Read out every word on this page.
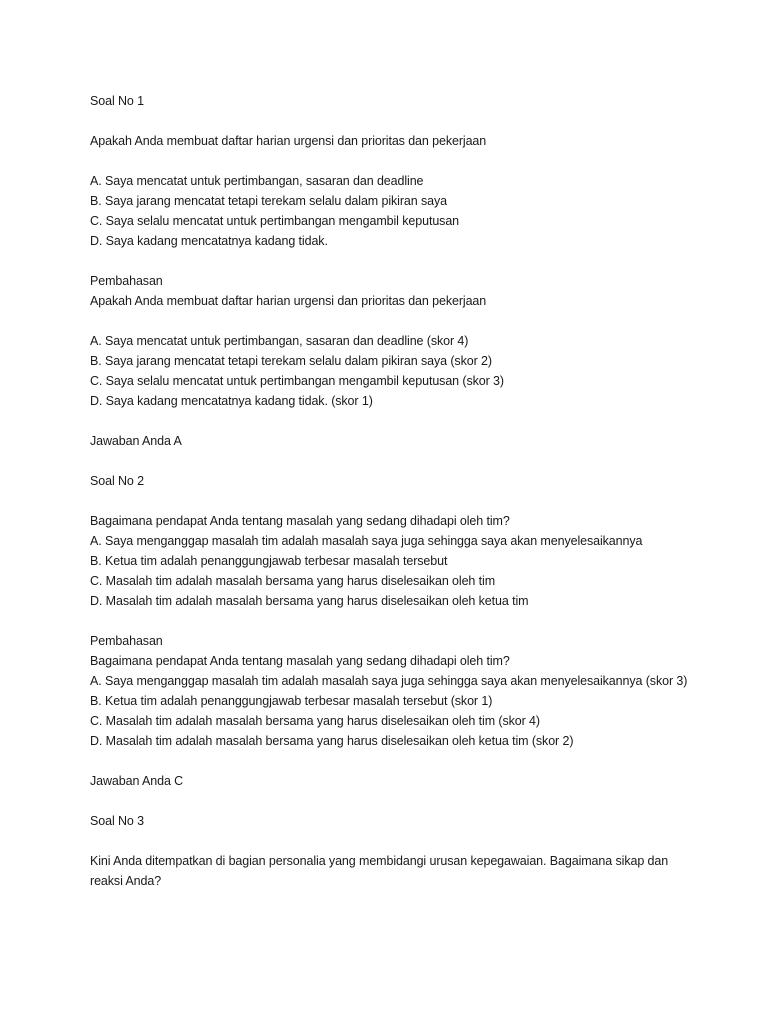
Soal No 1
Apakah Anda membuat daftar harian urgensi dan prioritas dan pekerjaan
A. Saya mencatat untuk pertimbangan, sasaran dan deadline
B. Saya jarang mencatat tetapi terekam selalu dalam pikiran saya
C. Saya selalu mencatat untuk pertimbangan mengambil keputusan
D. Saya kadang mencatatnya kadang tidak.
Pembahasan
Apakah Anda membuat daftar harian urgensi dan prioritas dan pekerjaan
A. Saya mencatat untuk pertimbangan, sasaran dan deadline (skor 4)
B. Saya jarang mencatat tetapi terekam selalu dalam pikiran saya (skor 2)
C. Saya selalu mencatat untuk pertimbangan mengambil keputusan (skor 3)
D. Saya kadang mencatatnya kadang tidak. (skor 1)
Jawaban Anda A
Soal No 2
Bagaimana pendapat Anda tentang masalah yang sedang dihadapi oleh tim?
A. Saya menganggap masalah tim adalah masalah saya juga sehingga saya akan menyelesaikannya
B. Ketua tim adalah penanggungjawab terbesar masalah tersebut
C. Masalah tim adalah masalah bersama yang harus diselesaikan oleh tim
D. Masalah tim adalah masalah bersama yang harus diselesaikan oleh ketua tim
Pembahasan
Bagaimana pendapat Anda tentang masalah yang sedang dihadapi oleh tim?
A. Saya menganggap masalah tim adalah masalah saya juga sehingga saya akan menyelesaikannya (skor 3)
B. Ketua tim adalah penanggungjawab terbesar masalah tersebut (skor 1)
C. Masalah tim adalah masalah bersama yang harus diselesaikan oleh tim (skor 4)
D. Masalah tim adalah masalah bersama yang harus diselesaikan oleh ketua tim (skor 2)
Jawaban Anda C
Soal No 3
Kini Anda ditempatkan di bagian personalia yang membidangi urusan kepegawaian. Bagaimana sikap dan reaksi Anda?
